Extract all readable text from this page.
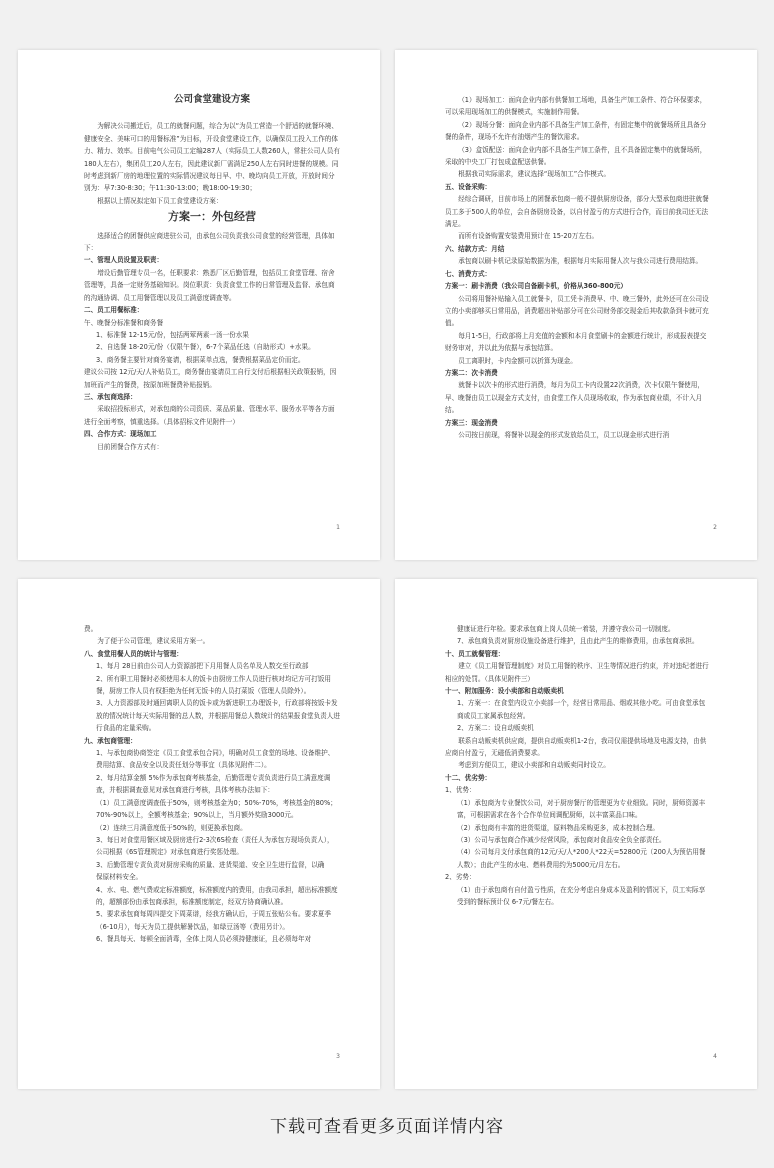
公司食堂建设方案

为解决公司搬迁后，员工的就餐问题，综合为以“为员工营造一个舒适的就餐环境、健康安全、美味可口的用餐标准”为目标，开设食堂建设工作，以确保员工投入工作的体力、精力、效率。目前电气公司员工定编287人（实际员工人数260人，常驻公司人员有180人左右），集团员工20人左右，因此建议新厂需满足250人左右同时进餐的规模。同时考虑到新厂房的地理位置的实际情况建议每日早、中、晚均向员工开放，开放时间分别为：早7:30-8:30；午11:30-13:00；晚18:00-19:30；

根据以上情况拟定如下员工食堂建设方案：

方案一：外包经营

选择适合的团餐供应商进驻公司，由承包公司负责我公司食堂的经营管理，具体如下：

一、管理人员设置及职责：

增设后勤管理专员一名，任职要求：熟悉厂区后勤管理，包括员工食堂管理、宿舍管理等，具备一定财务基础知识。岗位职责：负责食堂工作的日常管理及监督、承包商的沟通协调、员工用餐管理以及员工满意度调查等。

二、员工用餐标准：

午、晚餐分标准餐和商务餐

1、标准餐 12-15元/份，包括两荤两素一汤一份水果

2、自选餐 18-20元/份（仅限午餐），6-7个菜品任选（自助形式）+水果。

3、商务餐主要针对商务宴请，根据菜单点选，餐费根据菜品定价而定。

建议公司按 12元/天/人补贴员工，商务餐由宴请员工自行支付后根据相关政策报销，因加班而产生的餐费，按原加班餐费补贴报销。

三、承包商选择：

采取招投标形式，对承包商的公司资质、菜品质量、管理水平、服务水平等各方面进行全面考察，慎重选择。（具体招标文件见附件一）

四、合作方式：现场加工

目前团餐合作方式有：

1

（1）现场加工：面向企业内部有供餐加工场地，具备生产加工条件、符合环保要求，可以采用现场加工的供餐模式，实施制作用餐。

（2）现场分餐：面向企业内部不具备生产加工条件，有固定集中的就餐场所且具备分餐的条件，现场不允许有油烟产生的餐饮需求。

（3）盒饭配送：面向企业内部不具备生产加工条件，且不具备固定集中的就餐场所，采取的中央工厂打包成盒配送供餐。

根据我司实际需求，建议选择“现场加工”合作模式。

五、设备采购：

经综合调研，目前市场上的团餐承包商一般不提供厨房设备，部分大型承包商进驻就餐员工多于500人的单位，会自备厨房设备，以自付盈亏的方式进行合作，而目前我司还无法满足。

而所有设备购置安装费用预计在 15-20万左右。

六、结款方式：月结

承包商以刷卡机记录原始数据为准，根据每月实际用餐人次与我公司进行费用结算。

七、消费方式：

方案一：刷卡消费（我公司自备刷卡机，价格从360-800元）

公司将用餐补贴输入员工就餐卡，员工凭卡消费早、中、晚三餐外，此外还可在公司设立的小卖部够买日常用品，消费超出补贴部分可在公司财务部交现金后其收款条到卡就可充值。

每月1-5日，行政部将上月充值的金额和本月食堂刷卡的金额进行统计，形成报表提交财务审对，并以此为依据与承包结算。

员工离职时，卡内金额可以折算为现金。

方案二：次卡消费

就餐卡以次卡的形式进行消费，每月为员工卡内设置22次消费，次卡仅限午餐使用，早、晚餐由员工以现金方式支付，由食堂工作人员现场收取，作为承包商业绩，不计入月结。

方案三：现金消费

公司按日前现，将餐补以现金的形式发放给员工，员工以现金形式进行消

2

费。

为了便于公司管理，建议采用方案一。

八、食堂用餐人员的统计与管理：

1、每月 28日前由公司人力资源部把下月用餐人员名单及人数交至行政部

2、所有职工用餐时必须使用本人的饭卡由厨房工作人员进行核对均记方可打饭用餐，厨房工作人员有权拒绝为任何无饭卡的人员打菜饭（管理人员除外）。

3、人力资源部及时通回离职人员的饭卡或为新进职工办理饭卡，行政部将按饭卡发放的情况统计每天实际用餐的总人数，并根据用餐总人数统计的结果报食堂负责人进行食品的定量采购。

九、承包商管理：

1、与承包商协商签定《员工食堂承包合同》，明确对员工食堂的场地、设备维护、费用结算、食品安全以及责任划分等事宜（具体见附件二）。

2、每月结算金额 5%作为承包商考核基金，后勤管理专责负责进行员工满意度调查，并根据调查意见对承包商进行考核，具体考核办法如下：

（1）员工满意度调查低于50%，则考核基金为0；50%-70%，考核基金的80%；70%-90%以上，全额考核基金；90%以上，当月额外奖励3000元。

（2）连续三月满意度低于50%的，则更换承包商。

3、每日对食堂用餐区域及厨房进行2-3次6S检查（责任人为承包方现场负责人），公司根据《6S管理规定》对承包商进行奖惩处理。

3、后勤管理专责负责对厨房采购的质量、进货渠道、安全卫生进行监督，以确

保原材料安全。

4、水、电、燃气费或定标准额度，标准额度内的费用，由我司承担，超出标准额度的，超额部份由承包商承担，标准额度制定，经双方协商确认准。

5、要求承包商每周四提交下周菜谱，经我方确认后，于周五张贴公布。要求夏季（6-10月），每天为员工提供解暑饮品，如绿豆汤等（费用另计）。

6、餐具每天、每顿全面消毒，全体上岗人员必须持健康证，且必须每年对

3

健康证进行年检。要求承包商上岗人员统一着装，并遵守我公司一切制度。

7、承包商负责对厨房设施设备进行维护，且由此产生的维修费用，由承包商承担。

十、员工就餐管理：

建立《员工用餐管理制度》对员工用餐的秩序、卫生等情况进行约束，并对违纪者进行相应的处罚。（具体见附件三）

十一、附加服务：设小卖部和自动贩卖机

1、方案一：在食堂内设立小卖部一个，经营日常用品、烟或其他小吃。可由食堂承包商或员工家属承包经营。

2、方案二：设自动贩卖机

联系自动贩卖机供应商，提供自动贩卖机1-2台，我司仅需提供场地及电源支持，由供应商自付盈亏，无磁低消费要求。

考虑到方便员工，建议小卖部和自动贩卖同时设立。

十二、优劣势：

1、优势：

（1）承包商为专业餐饮公司，对于厨房餐厅的管理更为专业细致。同时，厨师资源丰富，可根据需求在各个合作单位间调配厨师，以丰富菜品口味。

（2）承包商有丰富的进货渠道，原料物品采购更多，成本控制合理。

（3）公司与承包商合作减少经营风险，承包商对食品安全负全部责任。

（4）公司每月支付承包商的12元/天/人*200人*22天=52800元（200人为预估用餐人数）；由此产生的水电、燃料费用约为5000元/月左右。

2、劣势：

（1）由于承包商有自付盈亏性质，在充分考虑自身成本及盈利的情况下，员工实际享受到的餐标预计仅 6-7元/餐左右。

4
下载可查看更多页面详情内容
